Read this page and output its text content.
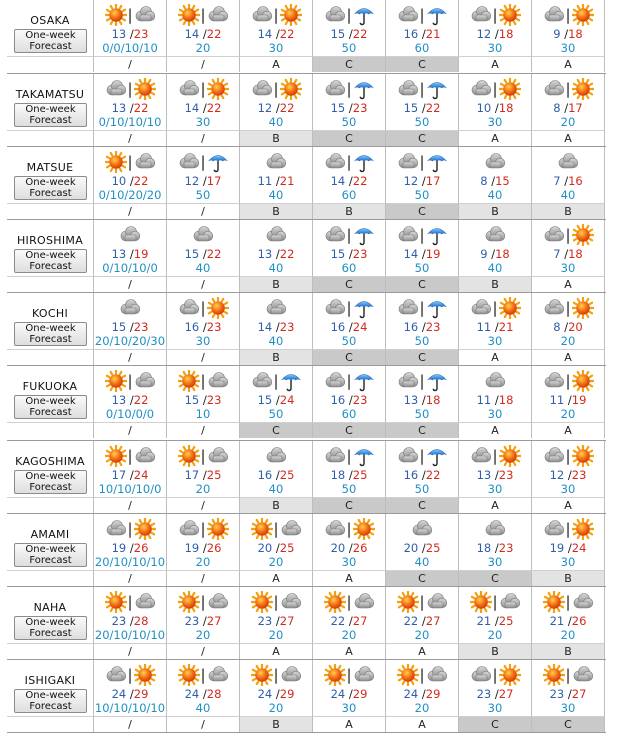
OSAKA
One-week Forecast
|
13 /23
0/0/10/10
/
|
14 /22
20
/
|
14 /22
30
A
|
15 /22
50
C
|
16 /21
60
C
|
12 /18
30
A
|
9 /18
30
A
TAKAMATSU
One-week Forecast
|
13 /22
0/10/10/10
/
|
14 /22
30
/
|
12 /22
40
B
|
15 /23
50
C
|
15 /22
50
C
|
10 /18
30
A
|
8 /17
20
A
MATSUE
One-week Forecast
|
10 /22
0/10/20/20
/
|
12 /17
50
/
11 /21
40
B
|
14 /22
60
B
|
12 /17
50
C
8 /15
40
B
7 /16
40
B
HIROSHIMA
One-week Forecast
13 /19
0/10/10/0
/
15 /22
40
/
13 /22
40
B
|
15 /23
60
C
|
14 /19
50
C
9 /18
40
B
|
7 /18
30
A
KOCHI
One-week Forecast
15 /23
20/10/20/30
/
|
16 /23
30
/
14 /23
40
B
|
16 /24
50
C
|
16 /23
50
C
|
11 /21
30
A
|
8 /20
20
A
FUKUOKA
One-week Forecast
|
13 /22
0/10/0/0
/
|
15 /23
10
/
|
15 /24
50
C
|
16 /23
60
C
|
13 /18
50
C
11 /18
30
A
|
11 /19
20
A
KAGOSHIMA
One-week Forecast
|
17 /24
10/10/10/0
/
|
17 /25
20
/
16 /25
40
B
|
18 /25
50
C
|
16 /22
50
C
|
13 /23
30
A
|
12 /23
30
A
AMAMI
One-week Forecast
|
19 /26
20/10/10/10
/
|
19 /26
20
/
|
20 /25
20
A
|
20 /26
30
A
20 /25
40
C
18 /23
30
C
|
19 /24
30
B
NAHA
One-week Forecast
|
23 /28
20/10/10/10
/
|
23 /27
20
/
|
23 /27
20
A
|
22 /27
20
A
|
22 /27
20
A
|
21 /25
20
B
|
21 /26
20
B
ISHIGAKI
One-week Forecast
|
24 /29
10/10/10/10
/
|
24 /28
40
/
|
24 /29
20
B
|
24 /29
30
A
|
24 /29
20
A
|
23 /27
30
C
|
23 /27
30
C
